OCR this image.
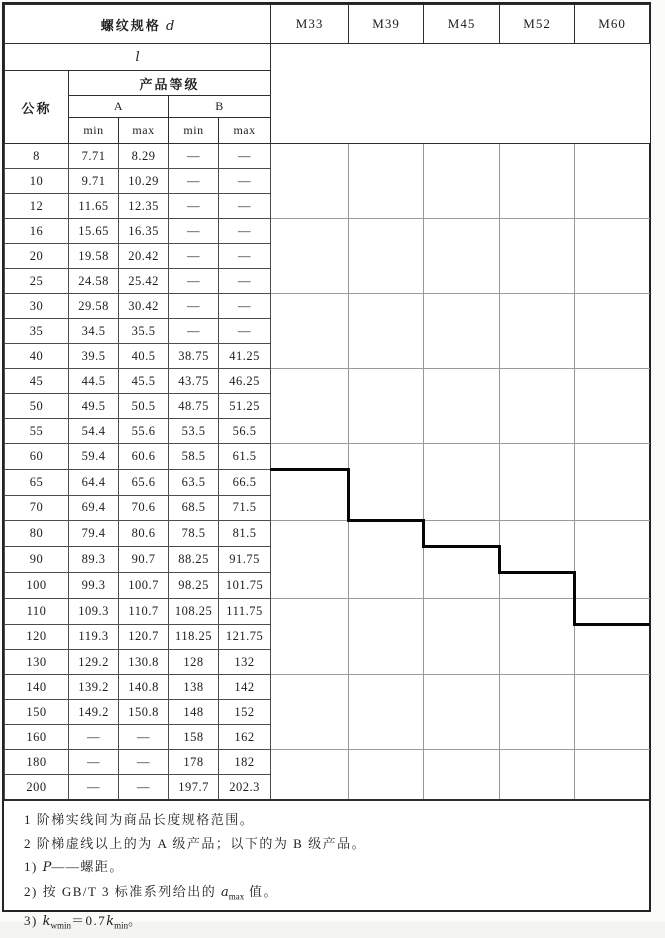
螺纹规格 d					M33	M39	M45	M52	M60
l									
公称	产品等级								
	A		B						
	min	max	min	max					
8	7.71	8.29	—	—					
10	9.71	10.29	—	—					
12	11.65	12.35	—	—					
16	15.65	16.35	—	—					
20	19.58	20.42	—	—					
25	24.58	25.42	—	—					
30	29.58	30.42	—	—					
35	34.5	35.5	—	—					
40	39.5	40.5	38.75	41.25					
45	44.5	45.5	43.75	46.25					
50	49.5	50.5	48.75	51.25					
55	54.4	55.6	53.5	56.5					
60	59.4	60.6	58.5	61.5					
65	64.4	65.6	63.5	66.5					
70	69.4	70.6	68.5	71.5					
80	79.4	80.6	78.5	81.5					
90	89.3	90.7	88.25	91.75					
100	99.3	100.7	98.25	101.75					
110	109.3	110.7	108.25	111.75					
120	119.3	120.7	118.25	121.75					
130	129.2	130.8	128	132					
140	139.2	140.8	138	142					
150	149.2	150.8	148	152					
160	—	—	158	162					
180	—	—	178	182					
200	—	—	197.7	202.3					

1 阶梯实线间为商品长度规格范围。

2 阶梯虚线以上的为 A 级产品；以下的为 B 级产品。

1) P——螺距。

2) 按 GB/T 3 标准系列给出的 $a_{max}$ 值。

3) $k_{wmin}=0.7k_{min}$。
